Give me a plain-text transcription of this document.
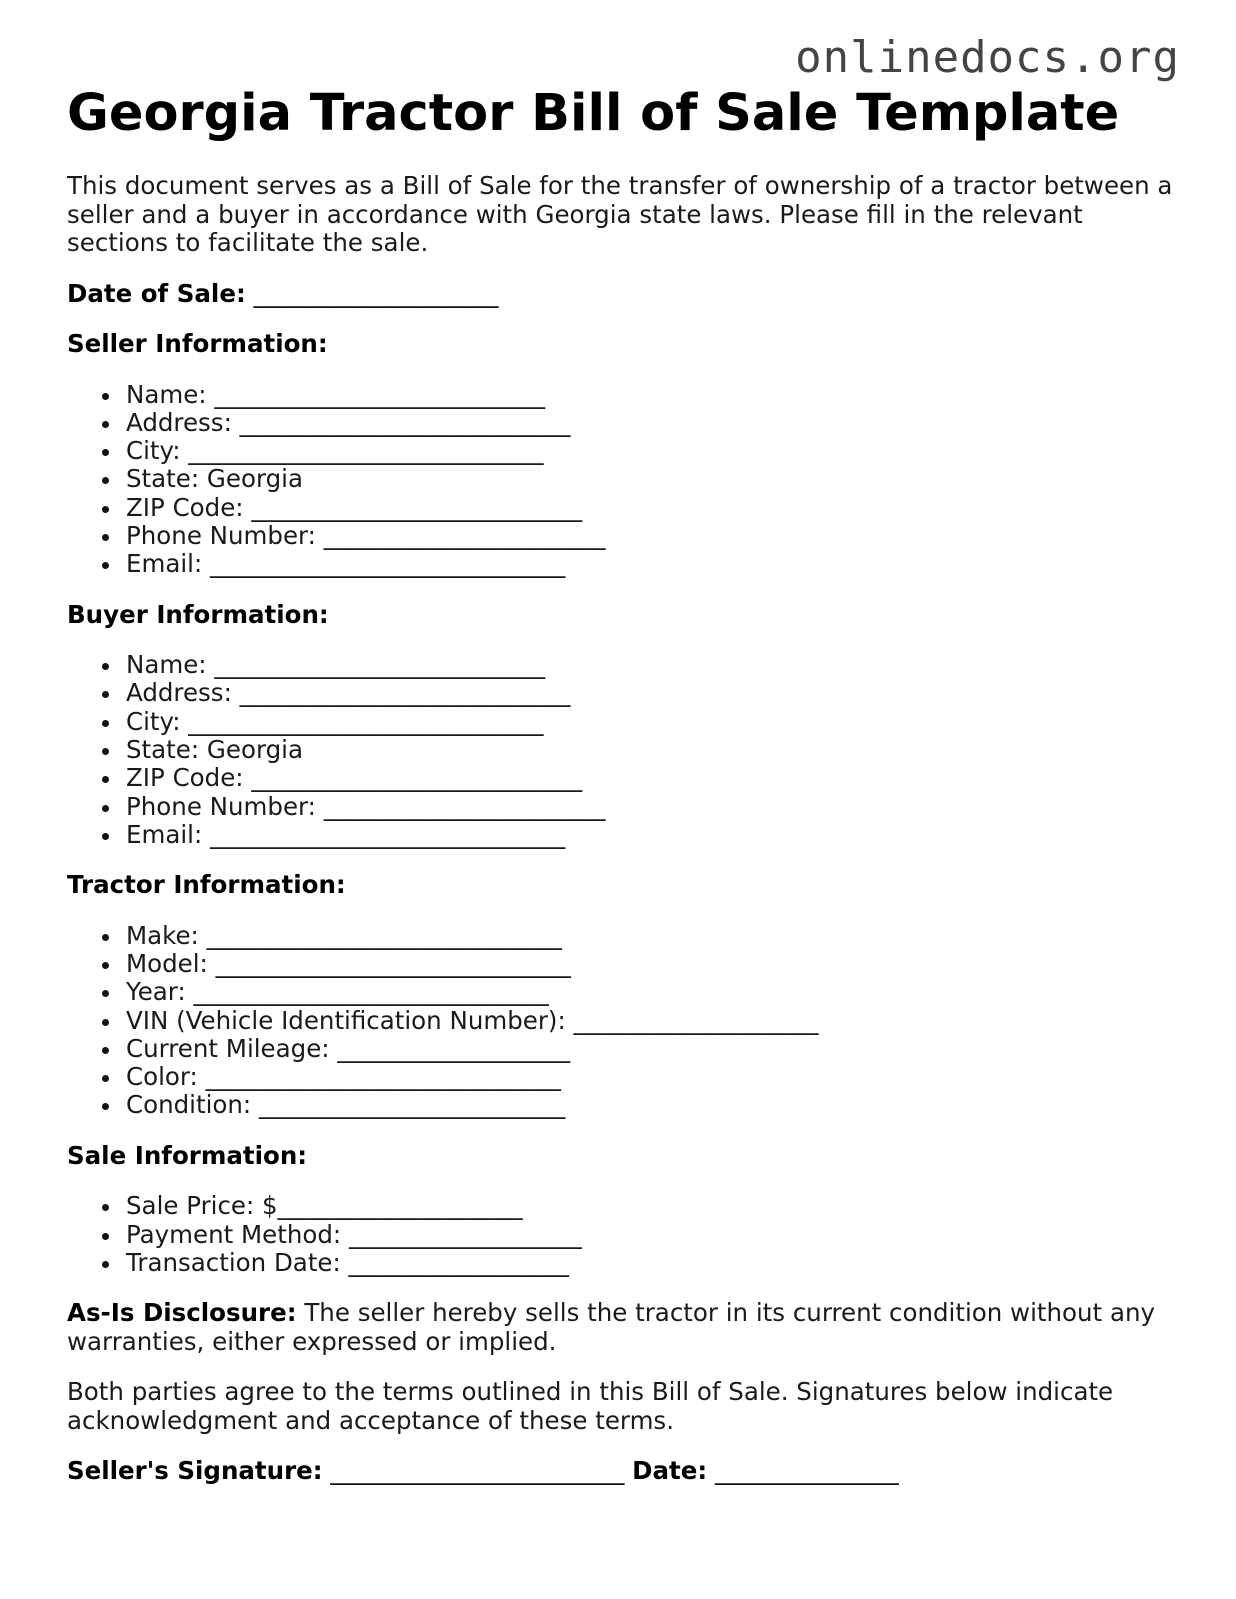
onlinedocs.org
Georgia Tractor Bill of Sale Template

This document serves as a Bill of Sale for the transfer of ownership of a tractor between a seller and a buyer in accordance with Georgia state laws. Please fill in the relevant sections to facilitate the sale.

Date of Sale: ____________________

Seller Information:

Name: ___________________________
Address: ___________________________
City: _____________________________
State: Georgia
ZIP Code: ___________________________
Phone Number: _______________________
Email: _____________________________

Buyer Information:

Name: ___________________________
Address: ___________________________
City: _____________________________
State: Georgia
ZIP Code: ___________________________
Phone Number: _______________________
Email: _____________________________

Tractor Information:

Make: _____________________________
Model: _____________________________
Year: _____________________________
VIN (Vehicle Identification Number): ____________________
Current Mileage: ___________________
Color: _____________________________
Condition: _________________________

Sale Information:

Sale Price: $____________________
Payment Method: ___________________
Transaction Date: __________________

As-Is Disclosure: The seller hereby sells the tractor in its current condition without any warranties, either expressed or implied.

Both parties agree to the terms outlined in this Bill of Sale. Signatures below indicate acknowledgment and acceptance of these terms.

Seller's Signature: ________________________ Date: _______________
